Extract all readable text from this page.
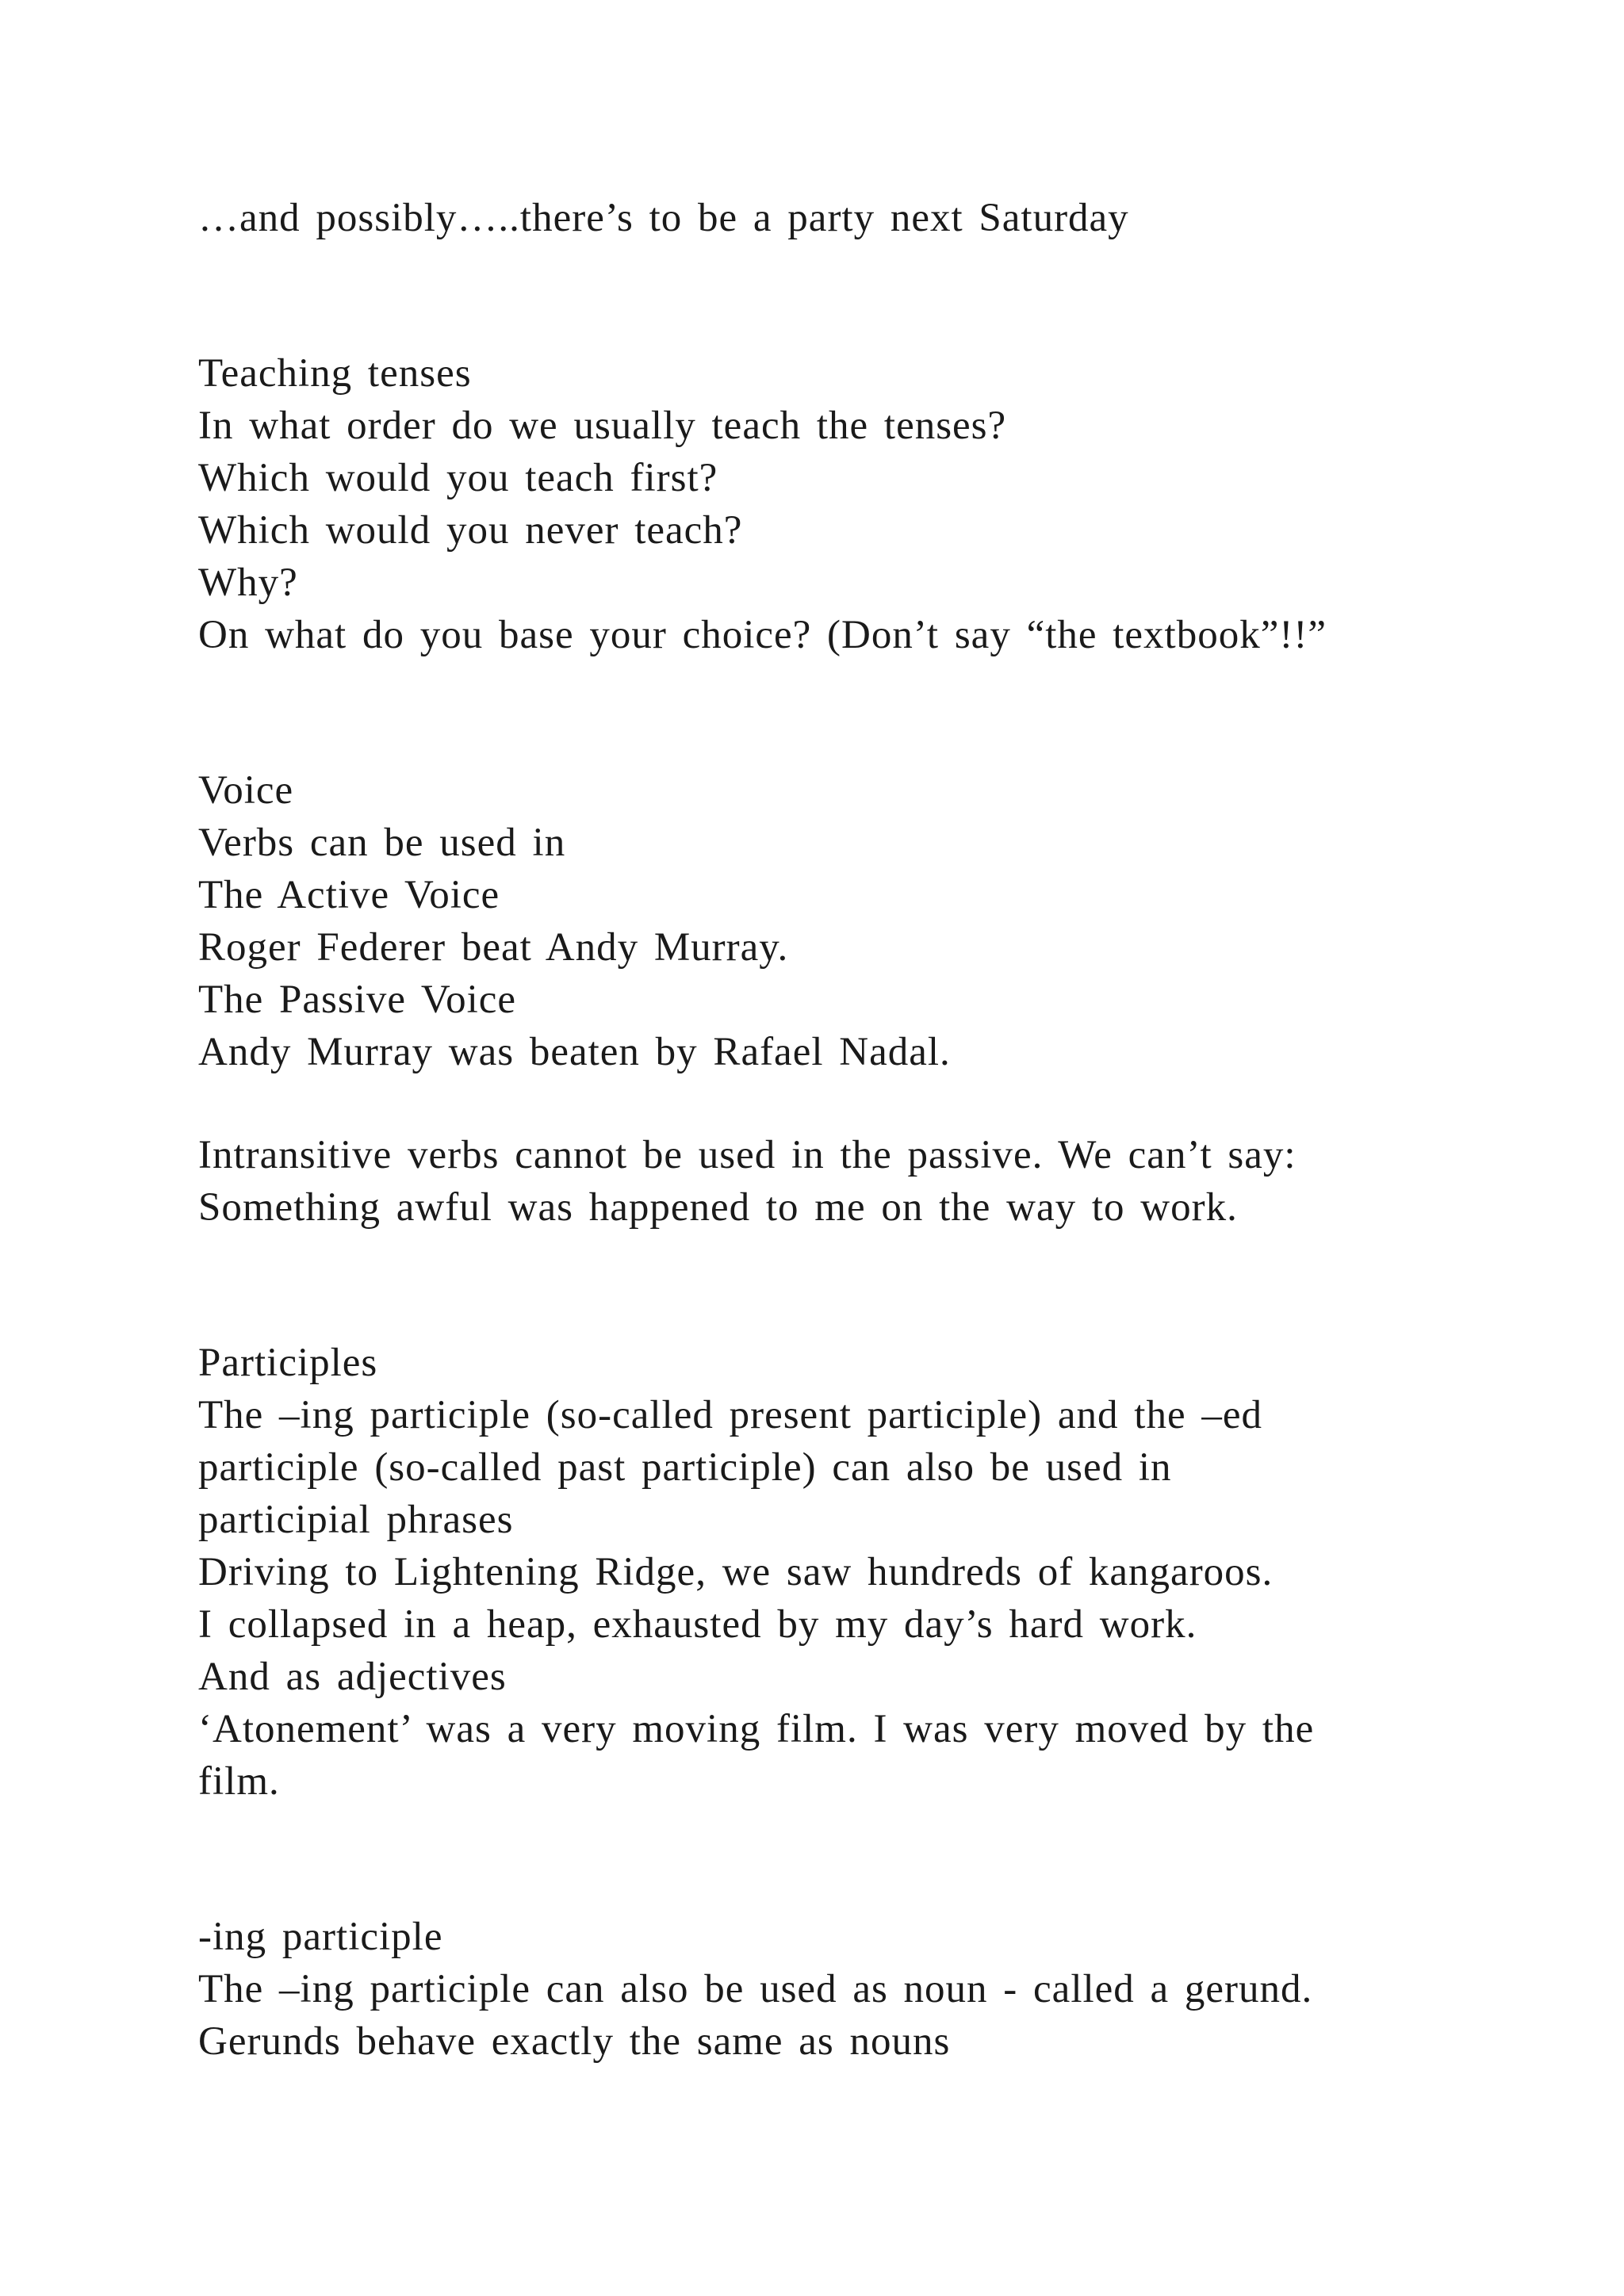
…and possibly…..there’s to be a party next Saturday
Teaching tenses
In what order do we usually teach the tenses?
Which would you teach first?
Which would you never teach?
Why?
On what do you base your choice? (Don’t say “the textbook”!!”
Voice
Verbs can be used in
The Active Voice
Roger Federer beat Andy Murray.
The Passive Voice
Andy Murray was beaten by Rafael Nadal.
Intransitive verbs cannot be used in the passive. We can’t say:
Something awful was happened to me on the way to work.
Participles
The –ing participle (so-called present participle) and the –ed
participle (so-called past participle) can also be used in
participial phrases
Driving to Lightening Ridge, we saw hundreds of kangaroos.
I collapsed in a heap, exhausted by my day’s hard work.
And as adjectives
‘Atonement’ was a very moving film. I was very moved by the
film.
-ing participle
The –ing participle can also be used as noun - called a gerund.
Gerunds behave exactly the same as nouns
